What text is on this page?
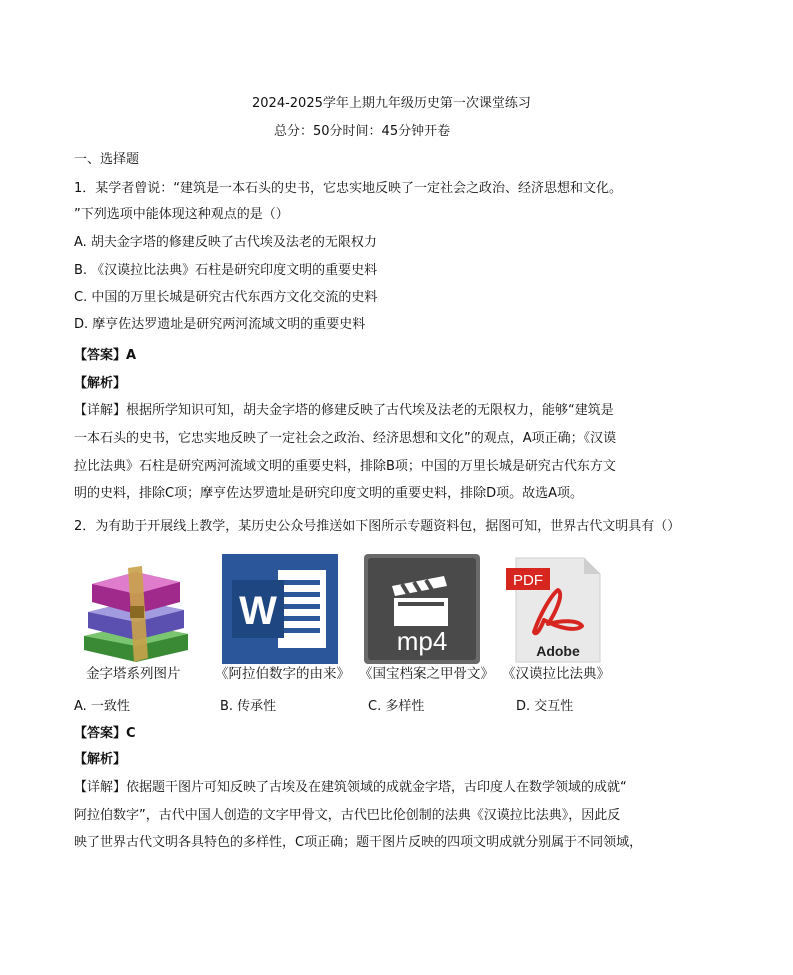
2024-2025学年上期九年级历史第一次课堂练习
总分：50分时间：45分钟开卷
一、选择题
1．某学者曾说：“建筑是一本石头的史书，它忠实地反映了一定社会之政治、经济思想和文化。
”下列选项中能体现这种观点的是（）
A. 胡夫金字塔的修建反映了古代埃及法老的无限权力
B. 《汉谟拉比法典》石柱是研究印度文明的重要史料
C. 中国的万里长城是研究古代东西方文化交流的史料
D. 摩亨佐达罗遗址是研究两河流域文明的重要史料
【答案】A
【解析】
【详解】根据所学知识可知，胡夫金字塔的修建反映了古代埃及法老的无限权力，能够“建筑是
一本石头的史书，它忠实地反映了一定社会之政治、经济思想和文化”的观点，A项正确；《汉谟
拉比法典》石柱是研究两河流域文明的重要史料，排除B项；中国的万里长城是研究古代东方文
明的史料，排除C项；摩亨佐达罗遗址是研究印度文明的重要史料，排除D项。故选A项。
2．为有助于开展线上教学，某历史公众号推送如下图所示专题资料包，据图可知，世界古代文明具有（）
金字塔系列图片
W
《阿拉伯数字的由来》
mp4
《国宝档案之甲骨文》
PDF
Adobe
《汉谟拉比法典》
A. 一致性	B. 传承性	C. 多样性	D. 交互性
【答案】C
【解析】
【详解】依据题干图片可知反映了古埃及在建筑领域的成就金字塔，古印度人在数学领域的成就“
阿拉伯数字”，古代中国人创造的文字甲骨文，古代巴比伦创制的法典《汉谟拉比法典》，因此反
映了世界古代文明各具特色的多样性，C项正确；题干图片反映的四项文明成就分别属于不同领域，
